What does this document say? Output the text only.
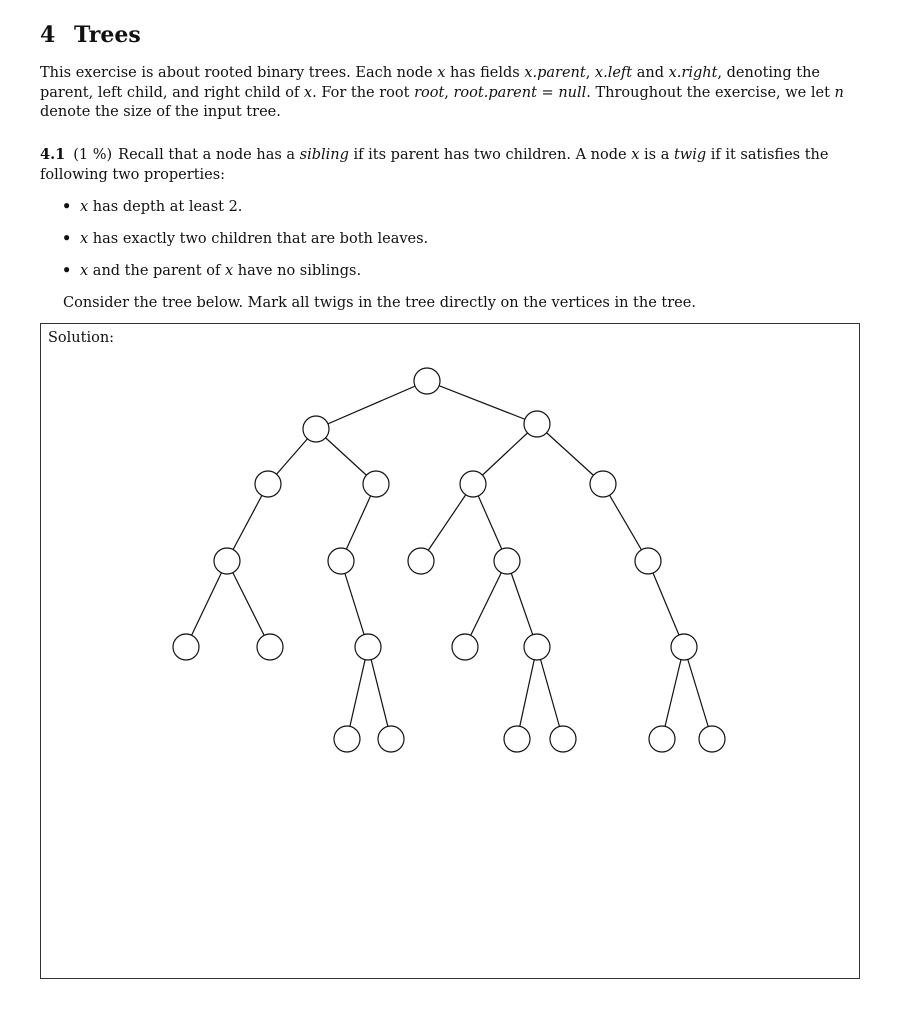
4 Trees

This exercise is about rooted binary trees. Each node x has fields x.parent, x.left and x.right, denoting the parent, left child, and right child of x. For the root root, root.parent = null. Throughout the exercise, we let n denote the size of the input tree.

4.1 (1 %) Recall that a node has a sibling if its parent has two children. A node x is a twig if it satisfies the following two properties:

• x has depth at least 2.
• x has exactly two children that are both leaves.
• x and the parent of x have no siblings.

Consider the tree below. Mark all twigs in the tree directly on the vertices in the tree.

Solution:
